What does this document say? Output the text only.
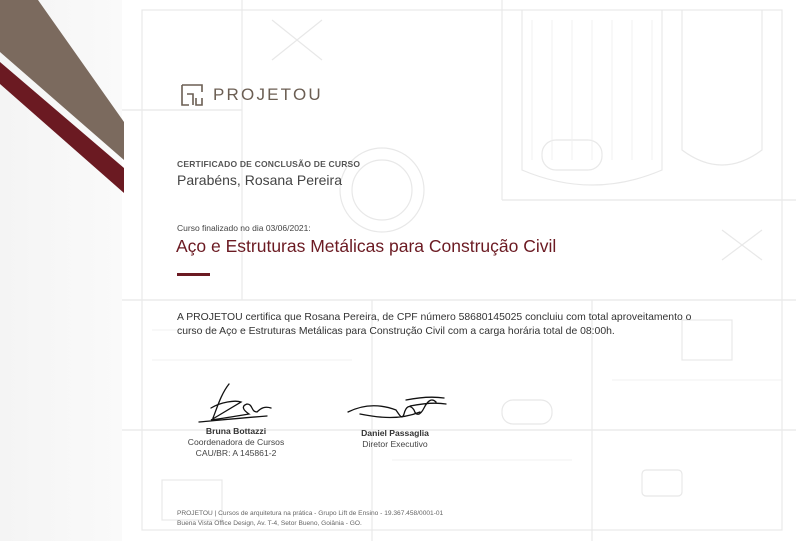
PROJETOU
CERTIFICADO DE CONCLUSÃO DE CURSO
Parabéns, Rosana Pereira
Curso finalizado no dia 03/06/2021:
Aço e Estruturas Metálicas para Construção Civil
A PROJETOU certifica que Rosana Pereira, de CPF número 58680145025 concluiu com total aproveitamento o
curso de Aço e Estruturas Metálicas para Construção Civil com a carga horária total de 08:00h.
Bruna Bottazzi
Coordenadora de Cursos
CAU/BR: A 145861-2
Daniel Passaglia
Diretor Executivo
PROJETOU | Cursos de arquitetura na prática - Grupo Lift de Ensino - 19.367.458/0001-01
Buena Vista Office Design, Av. T-4, Setor Bueno, Goiânia - GO.
